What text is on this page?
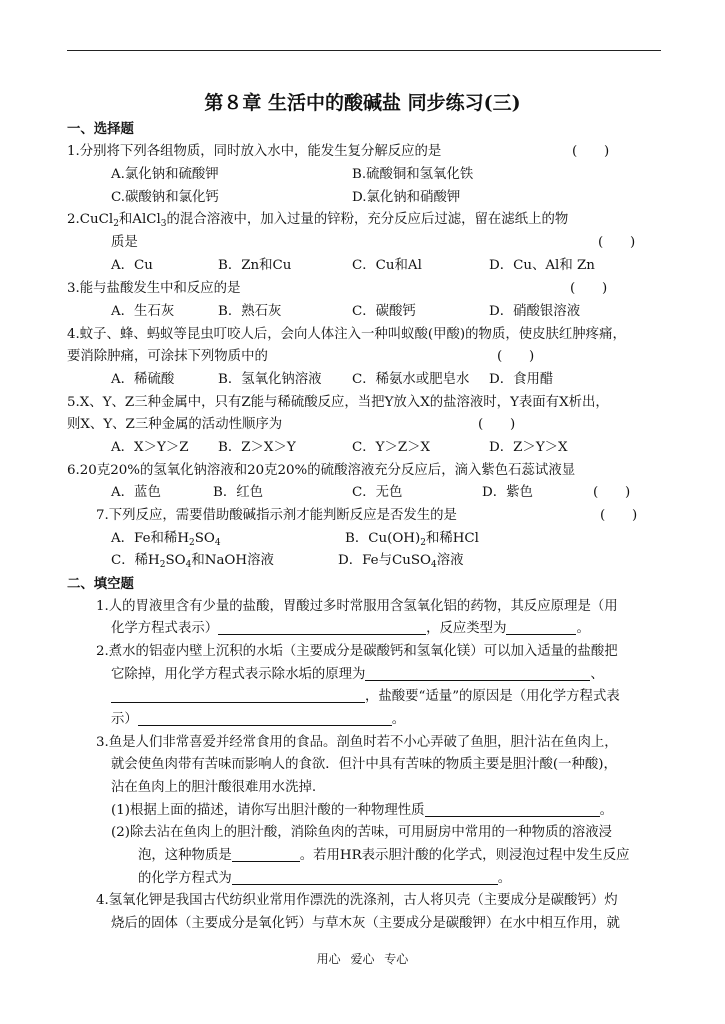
第８章 生活中的酸碱盐 同步练习(三)
一、选择题
1.分别将下列各组物质，同时放入水中，能发生复分解反应的是	(　　)
A.氯化钠和硫酸钾	B.硫酸铜和氢氧化铁
C.碳酸钠和氯化钙	D.氯化钠和硝酸钾
2.CuCl$_2$和AlCl$_3$的混合溶液中，加入过量的锌粉，充分反应后过滤，留在滤纸上的物
质是	(　　)
A．Cu	B．Zn和Cu	C．Cu和Al	D．Cu、Al和 Zn
3.能与盐酸发生中和反应的是	(　　)
A．生石灰	B．熟石灰	C．碳酸钙	D．硝酸银溶液
4.蚊子、蜂、蚂蚁等昆虫叮咬人后，会向人体注入一种叫蚁酸(甲酸)的物质，使皮肤红肿疼痛，
要消除肿痛，可涂抹下列物质中的	(　　)
A．稀硫酸	B．氢氧化钠溶液 C．稀氨水或肥皂水 D．食用醋
5.X、Y、Z三种金属中，只有Z能与稀硫酸反应，当把Y放入X的盐溶液时，Y表面有X析出，
则X、Y、Z三种金属的活动性顺序为	(　　)
A．X＞Y＞Z B．Z＞X＞Y	C．Y＞Z＞X	D．Z＞Y＞X
6.20克20%的氢氧化钠溶液和20克20%的硫酸溶液充分反应后，滴入紫色石蕊试液显
A．蓝色	B．红色	C．无色	D．紫色	(　　)
7.下列反应，需要借助酸碱指示剂才能判断反应是否发生的是	(　　)
A．Fe和稀$H_2SO_4$	B．$Cu(OH)_2$和稀HCl
C．稀$H_2SO_4$和NaOH溶液	D．Fe与CuSO$_4$溶液
二、填空题
1.人的胃液里含有少量的盐酸，胃酸过多时常服用含氢氧化铝的药物，其反应原理是（用
化学方程式表示）	，反应类型为	。
2.煮水的铝壶内壁上沉积的水垢（主要成分是碳酸钙和氢氧化镁）可以加入适量的盐酸把
它除掉，用化学方程式表示除水垢的原理为	、
，盐酸要“适量”的原因是（用化学方程式表
示）	。
3.鱼是人们非常喜爱并经常食用的食品。剖鱼时若不小心弄破了鱼胆，胆汁沾在鱼肉上，
就会使鱼肉带有苦味而影响人的食欲．但汁中具有苦味的物质主要是胆汁酸(一种酸)，
沾在鱼肉上的胆汁酸很难用水洗掉.
(1)根据上面的描述，请你写出胆汁酸的一种物理性质	。
(2)除去沾在鱼肉上的胆汁酸，消除鱼肉的苦味，可用厨房中常用的一种物质的溶液浸
泡，这种物质是	。若用HR表示胆汁酸的化学式，则浸泡过程中发生反应
的化学方程式为	。
4.氢氧化钾是我国古代纺织业常用作漂洗的洗涤剂，古人将贝壳（主要成分是碳酸钙）灼
烧后的固体（主要成分是氧化钙）与草木灰（主要成分是碳酸钾）在水中相互作用，就
用心 爱心 专心
